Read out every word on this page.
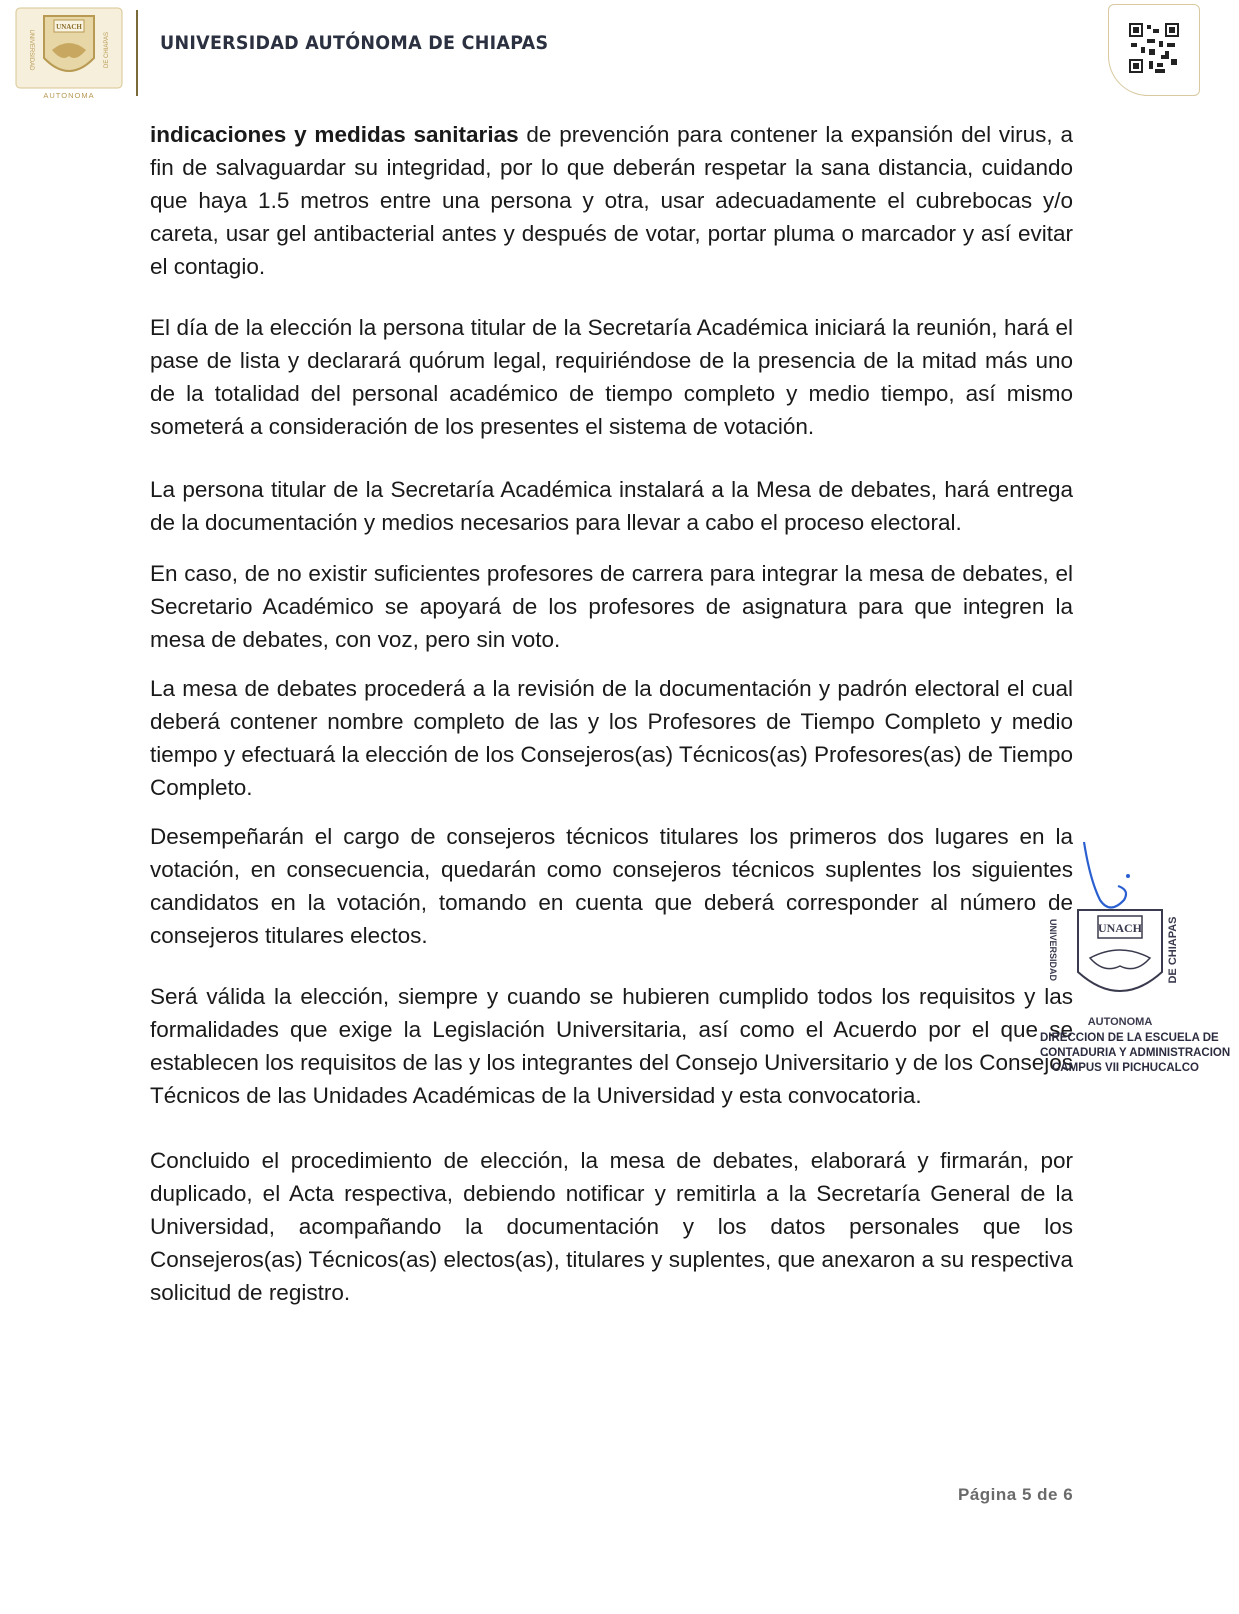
UNACH
AUTONOMA
UNIVERSIDAD	DE CHIAPAS	UNIVERSIDAD AUTÓNOMA DE CHIAPAS

indicaciones y medidas sanitarias de prevención para contener la expansión del virus, a fin de salvaguardar su integridad, por lo que deberán respetar la sana distancia, cuidando que haya 1.5 metros entre una persona y otra, usar adecuadamente el cubrebocas y/o careta, usar gel antibacterial antes y después de votar, portar pluma o marcador y así evitar el contagio.

El día de la elección la persona titular de la Secretaría Académica iniciará la reunión, hará el pase de lista y declarará quórum legal, requiriéndose de la presencia de la mitad más uno de la totalidad del personal académico de tiempo completo y medio tiempo, así mismo someterá a consideración de los presentes el sistema de votación.

La persona titular de la Secretaría Académica instalará a la Mesa de debates, hará entrega de la documentación y medios necesarios para llevar a cabo el proceso electoral.

En caso, de no existir suficientes profesores de carrera para integrar la mesa de debates, el Secretario Académico se apoyará de los profesores de asignatura para que integren la mesa de debates, con voz, pero sin voto.

La mesa de debates procederá a la revisión de la documentación y padrón electoral el cual deberá contener nombre completo de las y los Profesores de Tiempo Completo y medio tiempo y efectuará la elección de los Consejeros(as) Técnicos(as) Profesores(as) de Tiempo Completo.

Desempeñarán el cargo de consejeros técnicos titulares los primeros dos lugares en la votación, en consecuencia, quedarán como consejeros técnicos suplentes los siguientes candidatos en la votación, tomando en cuenta que deberá corresponder al número de consejeros titulares electos.

Será válida la elección, siempre y cuando se hubieren cumplido todos los requisitos y las formalidades que exige la Legislación Universitaria, así como el Acuerdo por el que se establecen los requisitos de las y los integrantes del Consejo Universitario y de los Consejos Técnicos de las Unidades Académicas de la Universidad y esta convocatoria.

Concluido el procedimiento de elección, la mesa de debates, elaborará y firmarán, por duplicado, el Acta respectiva, debiendo notificar y remitirla a la Secretaría General de la Universidad, acompañando la documentación y los datos personales que los Consejeros(as) Técnicos(as) electos(as), titulares y suplentes, que anexaron a su respectiva solicitud de registro.

UNACH
UNIVERSIDAD	DE CHIAPAS
AUTONOMA
DIRECCION DE LA ESCUELA DE
CONTADURIA Y ADMINISTRACION
CAMPUS VII PICHUCALCO
Página 5 de 6
